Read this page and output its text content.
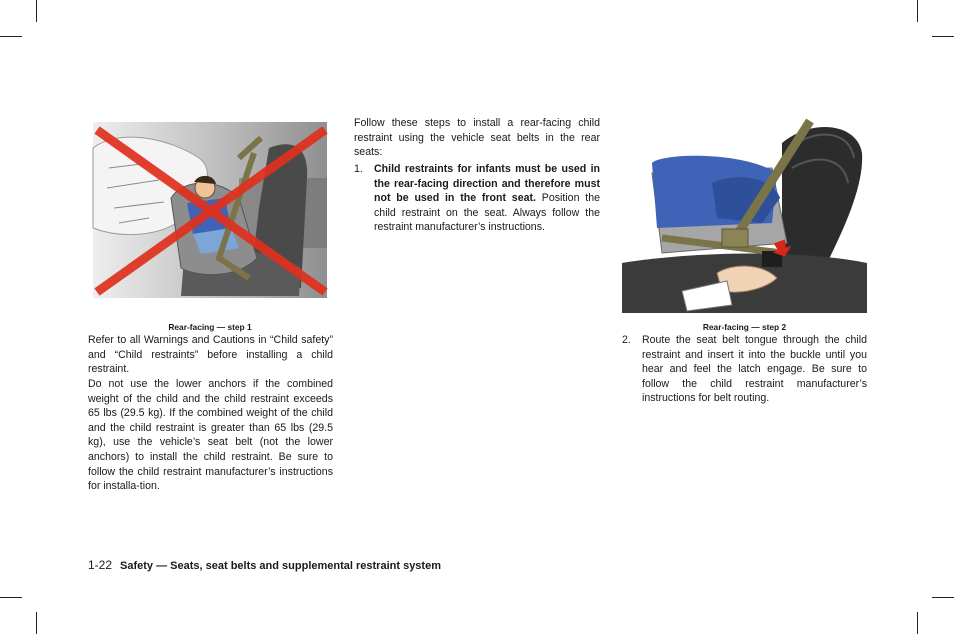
Rear-facing — step 1

Refer to all Warnings and Cautions in “Child safety” and “Child restraints” before installing a child restraint.

Do not use the lower anchors if the combined weight of the child and the child restraint exceeds 65 lbs (29.5 kg). If the combined weight of the child and the child restraint is greater than 65 lbs (29.5 kg), use the vehicle’s seat belt (not the lower anchors) to install the child restraint. Be sure to follow the child restraint manufacturer’s instructions for installa-tion.

Follow these steps to install a rear-facing child restraint using the vehicle seat belts in the rear seats:

1. Child restraints for infants must be used in the rear-facing direction and therefore must not be used in the front seat. Position the child restraint on the seat. Always follow the restraint manufacturer’s instructions.
Rear-facing — step 2
2. Route the seat belt tongue through the child restraint and insert it into the buckle until you hear and feel the latch engage. Be sure to follow the child restraint manufacturer’s instructions for belt routing.
1-22 Safety — Seats, seat belts and supplemental restraint system
